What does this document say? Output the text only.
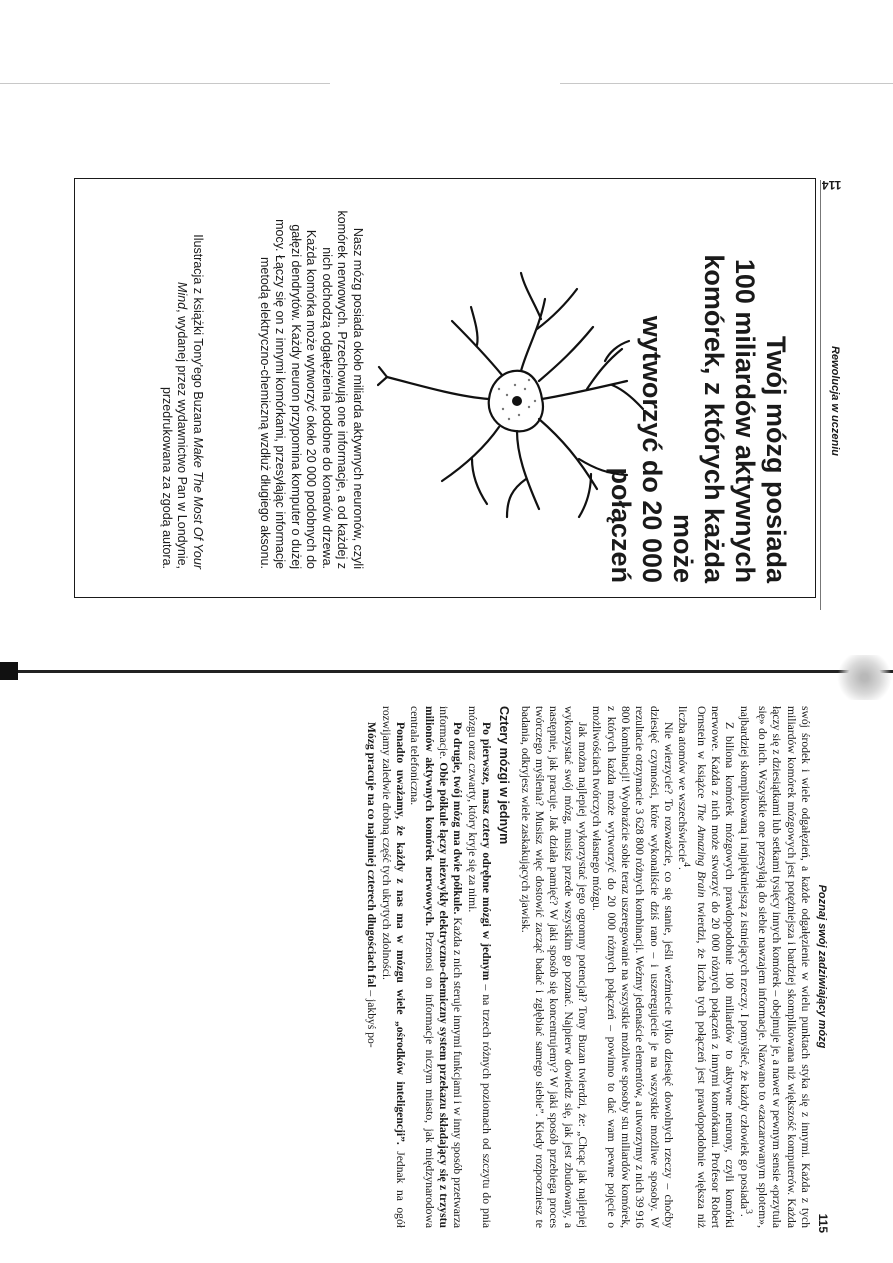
114
Rewolucja w uczeniu
Twój mózg posiada
100 miliardów aktywnych
komórek, z których każda może
wytworzyć do 20 000 połączeń
Nasz mózg posiada około miliarda aktywnych neuronów, czyli komórek nerwowych. Przechowują one informacje, a od każdej z nich odchodzą odgałęzienia podobne do konarów drzewa. Każda komórka może wytworzyć około 20 000 podobnych do gałęzi dendrytów. Każdy neuron przypomina komputer o dużej mocy. Łączy się on z innymi komórkami, przesyłając informacje metodą elektryczno-chemiczną wzdłuż długiego aksonu.
Ilustracja z książki Tony'ego Buzana Make The Most Of Your Mind, wydanej przez wydawnictwo Pan w Londynie, przedrukowana za zgodą autora.
Poznaj swój zadziwiający mózg
115

swój środek i wiele odgałęzień, a każde odgałęzienie w wielu punktach styka się z innymi. Każda z tych miliardów komórek mózgowych jest potężniejsza i bardziej skomplikowana niż większość komputerów. Każda łączy się z dziesiątkami lub setkami tysięcy innych komórek – obejmuje je, a nawet w pewnym sensie «przytula się» do nich. Wszystkie one przesyłają do siebie nawzajem informacje. Nazwano to «zaczarowanym splotem», najbardziej skomplikowaną i najpiękniejszą z istniejących rzeczy. I pomyśleć, że każdy człowiek go posiada$^3$.

Z biliona komórek mózgowych prawdopodobnie 100 miliardów to aktywne neurony, czyli komórki nerwowe. Każda z nich może stworzyć do 20 000 różnych połączeń z innymi komórkami. Profesor Robert Ornstein w książce The Amazing Brain twierdzi, że liczba tych połączeń jest prawdopodobnie większa niż liczba atomów we wszechświecie$^4$.

Nie wierzycie? To rozważcie, co się stanie, jeśli weźmiecie tylko dziesięć dowolnych rzeczy – choćby dziesięć czynności, które wykonaliście dziś rano – i uszeregujecie je na wszystkie możliwe sposoby. W rezultacie otrzymacie 3 628 800 różnych kombinacji. Weźmy jedenaście elementów, a utworzymy z nich 39 916 800 kombinacji! Wyobraźcie sobie teraz uszeregowanie na wszystkie możliwe sposoby stu miliardów komórek, z których każda może wytworzyć do 20 000 różnych połączeń – powinno to dać wam pewne pojęcie o możliwościach twórczych własnego mózgu.

Jak można najlepiej wykorzystać jego ogromny potencjał? Tony Buzan twierdzi, że: „Chcąc jak najlepiej wykorzystać swój mózg, musisz przede wszystkim go poznać. Najpierw dowiedz się, jak jest zbudowany, a następnie, jak pracuje. Jak działa pamięć? W jaki sposób się koncentrujemy? W jaki sposób przebiega proces twórczego myślenia? Musisz więc dostowić zacząć badać i zgłębiać samego siebie”. Kiedy rozpoczniesz te badania, odkryjesz wiele zaskakujących zjawisk.

Cztery mózgi w jednym

Po pierwsze, masz cztery odrębne mózgi w jednym – na trzech różnych poziomach od szczytu do pnia mózgu oraz czwarty, który kryje się za nimi.

Po drugie, twój mózg ma dwie półkule. Każda z nich steruje innymi funkcjami i w inny sposób przetwarza informacje. Obie półkule łączy niezwykły elektryczno-chemiczny system przekazu składający się z trzystu milionów aktywnych komórek nerwowych. Przenosi on informacje niczym miasto, jak międzynarodowa centrala telefoniczna.

Ponadto uważamy, że każdy z nas ma w mózgu wiele „ośrodków inteligencji”. Jednak na ogół rozwijamy zaledwie drobną część tych ukrytych zdolności.

Mózg pracuje na co najmniej czterech długościach fal – jakbyś po-
